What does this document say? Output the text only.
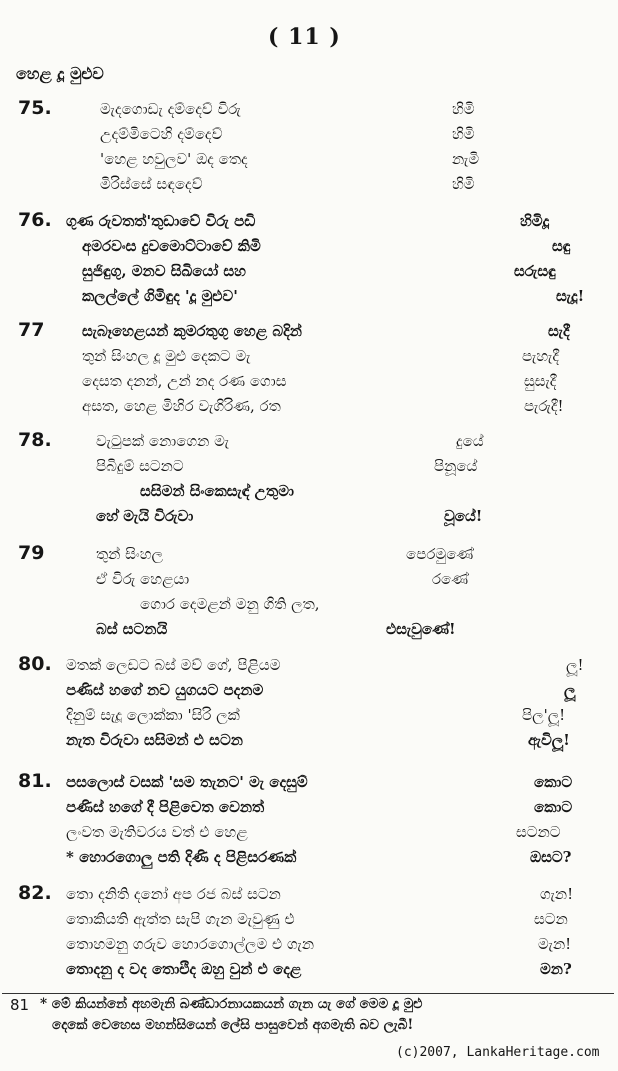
( 11 )
හෙළ දූ මුළුව
75.	මැදගොඩැ දම්දෙව් විරු	හිමි
උදම්මිටෙහි දම්දෙව්	හිමි
'හෙළ හවුලව' ඔද තෙද	නැමි
මිරිස්සේ සඳදෙව්	හිමි
76. ගුණ රුවතත්'තුඩාවේ විරු පඩි	හිමිදූ
අමරවංස දුවමොට්ටාවේ කිමි	සඳු
සුජිඳුගු, මනව සිඛියෝ සහ	සරුසඳු
කලල්ලේ ගිමිඳුද 'දූ මුළුව'	සැදූ!
77	සැබෑහෙළයන් කුමරතුගු හෙළ බදින්	සැදී
තුන් සිංහල දූ මුළු දෙකට මැ	පැහැදී
දෙසත දනන්, උන් නද රණ ගොස	සුසැදී
අසත, හෙළ මිහිර වැගිරිණ, රත	පැරුදී!
78.	වැටුපක් නොගෙන මැ	දුයේ
පිබිදුම් සටනට	පිනූයේ
සසිමන් සිංකෙසැඳ් උතුමා
හේ මැයි විරුවා	වූයේ!
79	තුන් සිංහල	පෙරමුණේ
ඒ විරු හෙළයා	රණේ
ගොර දෙමළන් මනු ගිති ලත,
බස් සටනයි	එසැවුණේ!
80. මතක් ලෙඩට බස් මව් ගේ, පිළියම	ලූ!
පණිස් හගේ නව යුගයට පදනම	ලූ
දිනුම් සැදූ ලොක්කා 'සිරි ලක්	පිල'ලූ!
නැත විරුවා සසිමන් එ සටන	ඇවිලූ!
81. පසලොස් වසක් 'සම තැනට' මැ දෙසුම්	කොට
පණිස් හගේ දී පිළිවෙත වෙනත්	කොට
ලංවත මැතිවරය වත් එ හෙළ	සටනට
* හොරගොලු පති දිණි ද පිළිසරණක්	ඔසට?
82. තො දනිති දනෝ අප රජ බස් සටන	ගැන!
තොකියති ඇත්ත සැපි ගැන මැවුණු එ	සටන
තොහමනු ගරුව හොරගොල්ලම එ ගැන	මැන!
තොදනු ද වද තොඑිද ඔහු වුන් එ දෙළ	මන?
81 * මේ කියන්නේ අහමැනි බණ්ඩාරනායකයන් ගැන යැ ගේ මෙම දූ මුළු
දෙකේ වෙහෙස මහන්සියෙන් ලේසි පාසුවෙන් අගමැති බව ලැබී!
(c)2007, LankaHeritage.com
